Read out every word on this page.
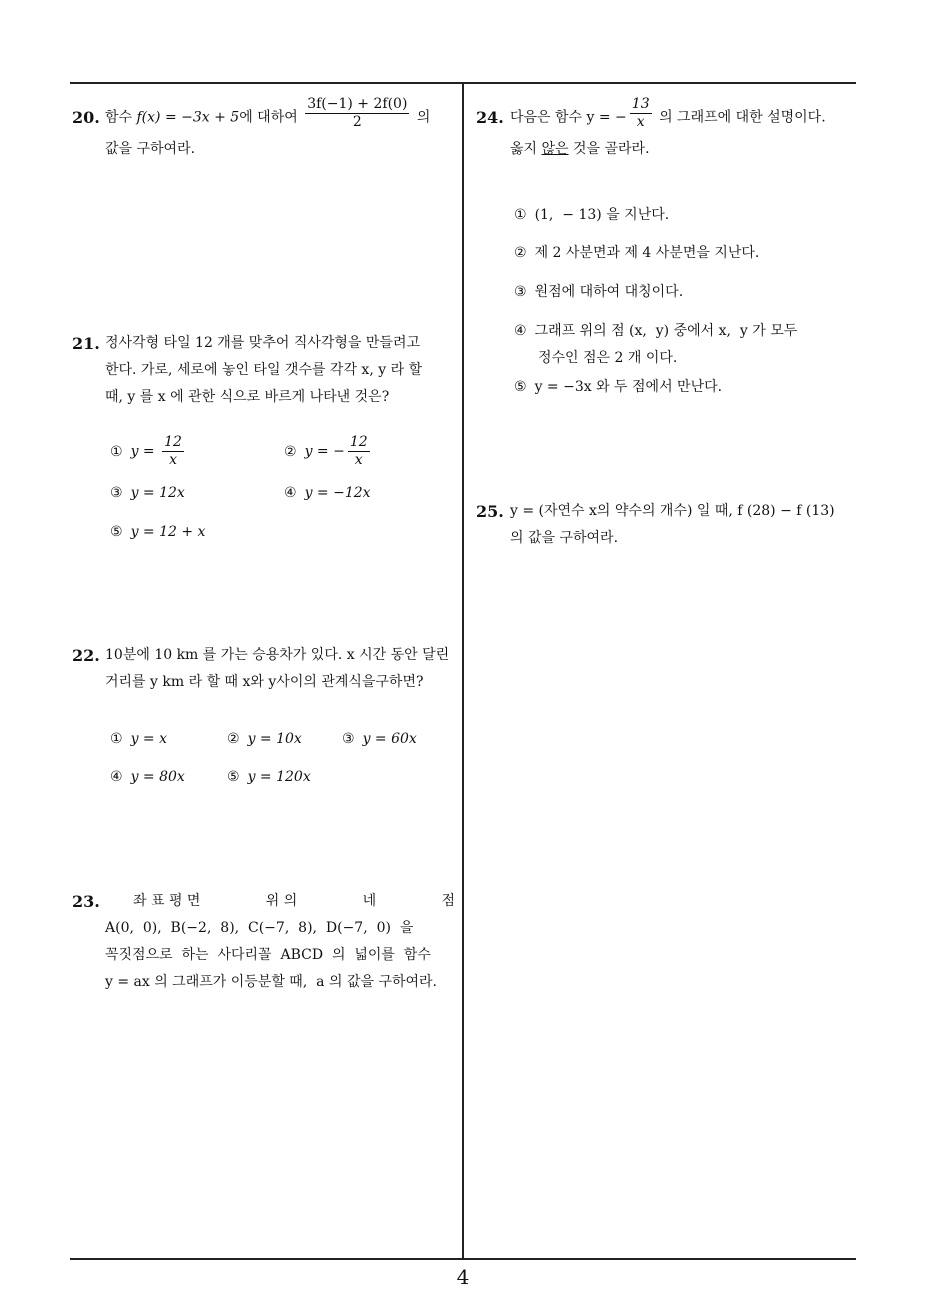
20. 함수 f(x) = −3x + 5에 대하여 $\frac{3f(-1) + 2f(0)}{2}$ 의
값을 구하여라.
21. 정사각형 타일 12 개를 맞추어 직사각형을 만들려고
한다. 가로, 세로에 놓인 타일 갯수를 각각 x, y 라 할
때, y 를 x 에 관한 식으로 바르게 나타낸 것은?
① $y = \frac{12}{x}$	② y = − $\frac{12}{x}$
③ y = 12x	④ y = −12x
⑤ y = 12 + x
22. 10분에 10 km 를 가는 승용차가 있다. x 시간 동안 달린
거리를 y km 라 할 때 x와 y사이의 관계식을구하면?
① y = x	② y = 10x	③ y = 60x
④ y = 80x	⑤ y = 120x
23. 좌 표 평 면	위 의	네	점
A(0,  0),  B(−2,  8),  C(−7,  8),  D(−7,  0)  을
꼭짓점으로  하는  사다리꼴  ABCD  의  넓이를  함수
y = ax 의 그래프가 이등분할 때,  a 의 값을 구하여라.
24. 다음은 함수 y = − $\frac{13}{x}$ 의 그래프에 대한 설명이다.
옳지 않은 것을 골라라.
① (1,  − 13) 을 지난다.
② 제 2 사분면과 제 4 사분면을 지난다.
③ 원점에 대하여 대칭이다.
④ 그래프 위의 점 (x,  y) 중에서 x,  y 가 모두
정수인 점은 2 개 이다.
⑤ y = −3x 와 두 점에서 만난다.
25. y = (자연수 x의 약수의 개수) 일 때, f (28) − f (13)
의 값을 구하여라.
4
